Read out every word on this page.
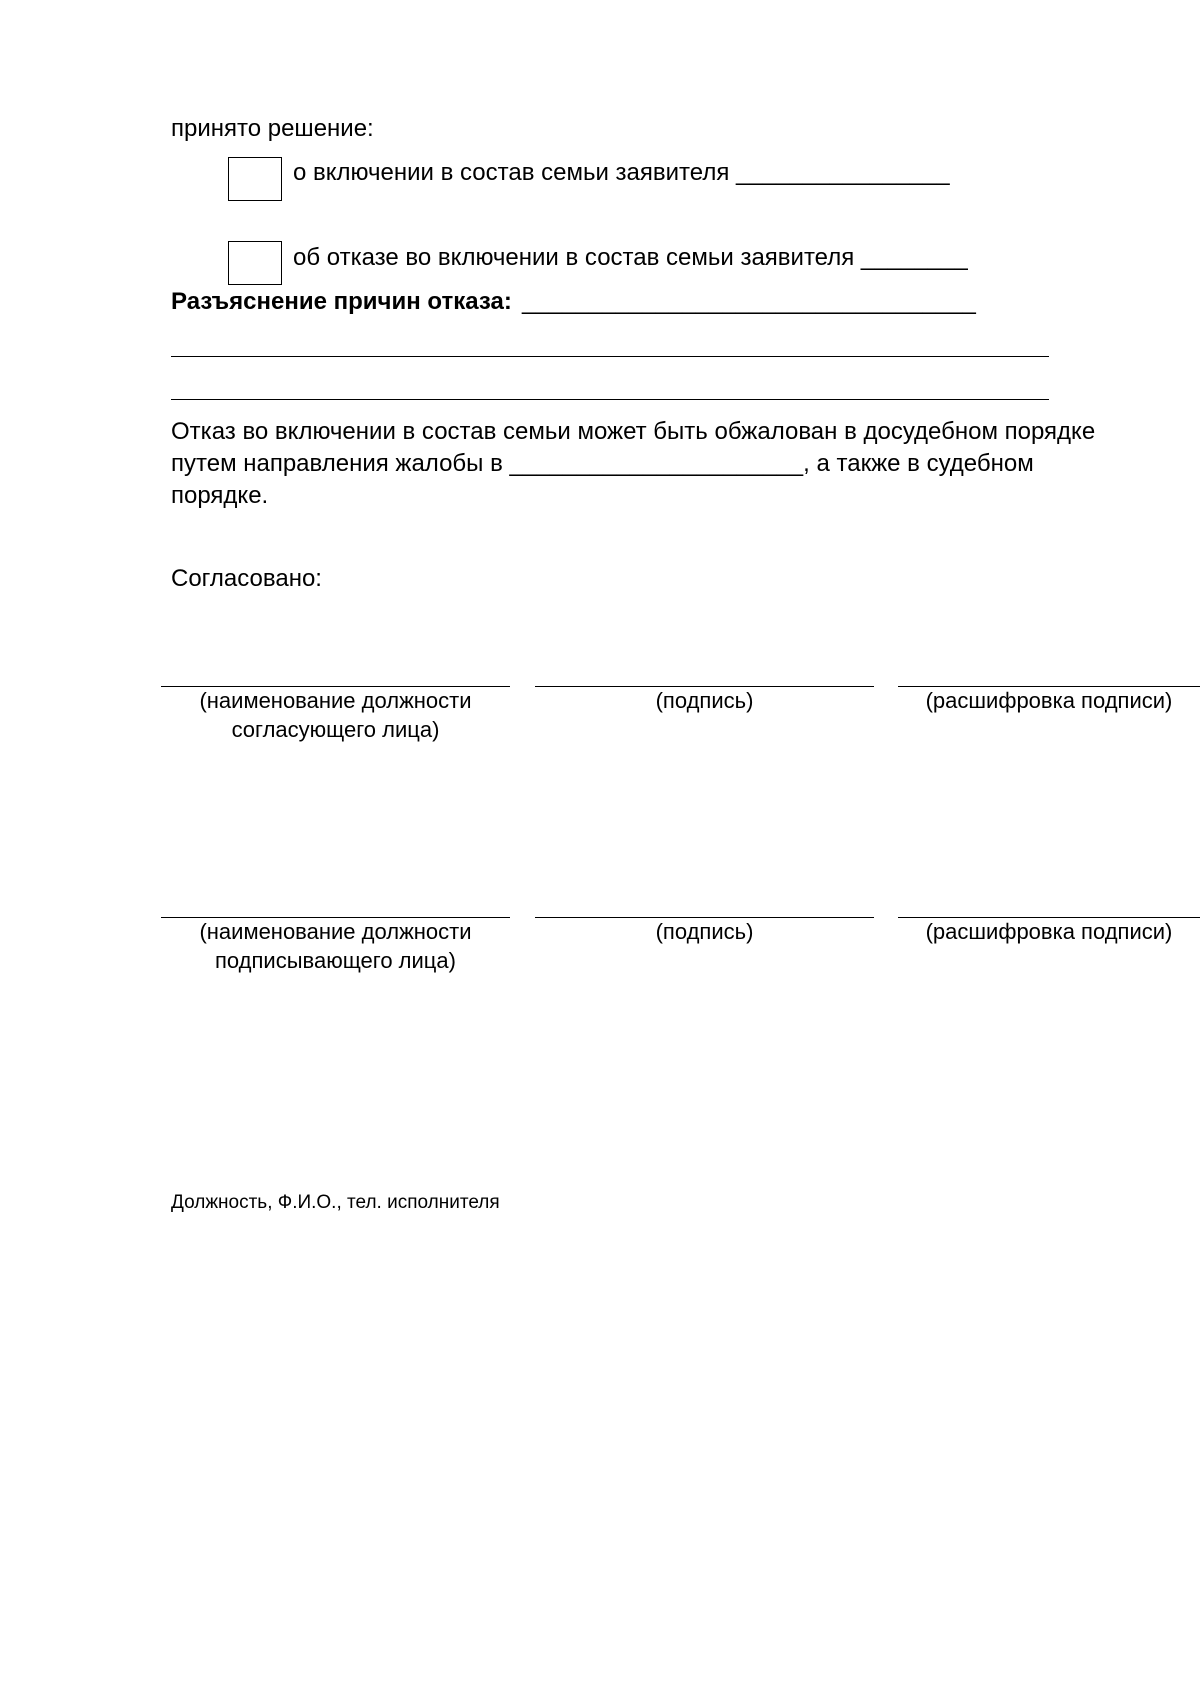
принято решение:
о включении в состав семьи заявителя ________________
об отказе во включении в состав семьи заявителя ________
Разъяснение причин отказа: __________________________________
Отказ во включении в состав семьи может быть обжалован в досудебном порядке
путем направления жалобы в ______________________, а также в судебном
порядке.
Согласовано:
(наименование должности
согласующего лица)
(подпись)	(расшифровка подписи)
(наименование должности
подписывающего лица)
(подпись)	(расшифровка подписи)
Должность, Ф.И.О., тел. исполнителя
